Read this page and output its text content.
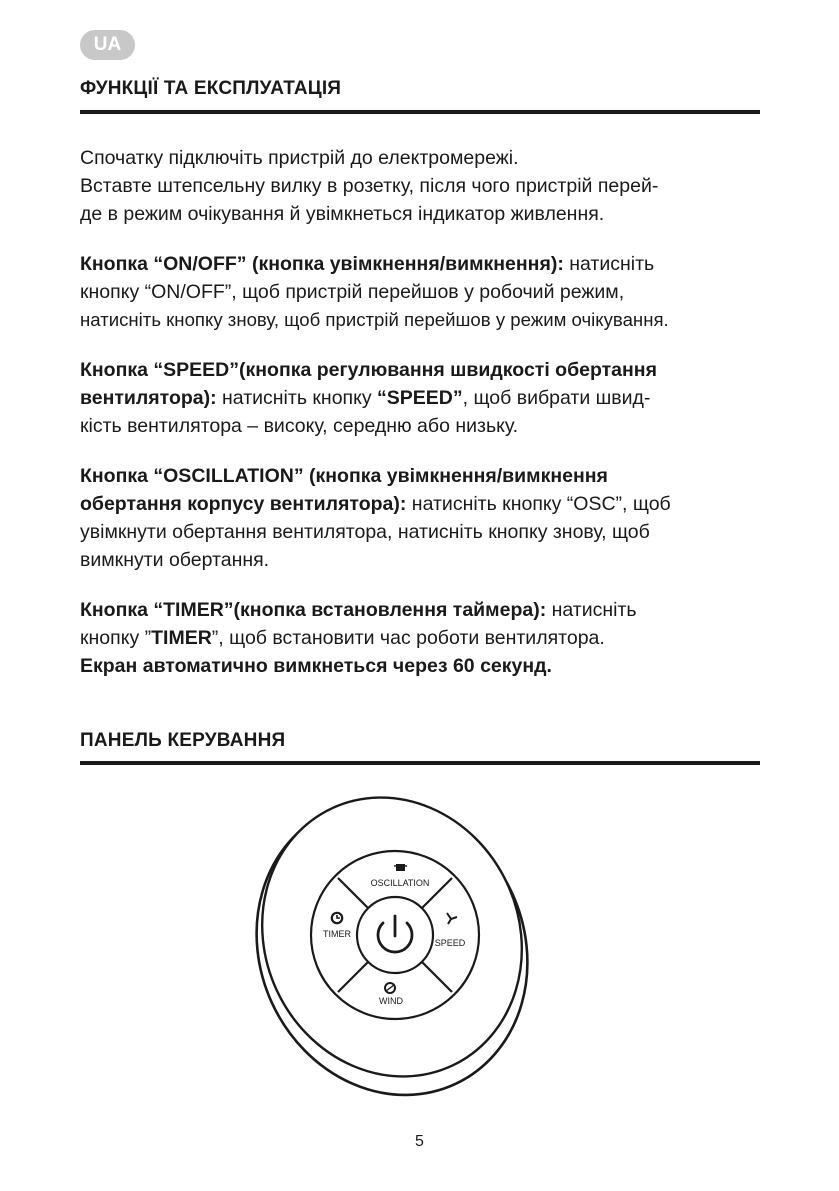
UA
ФУНКЦІЇ ТА ЕКСПЛУАТАЦІЯ

Спочатку підключіть пристрій до електромережі.
Вставте штепсельну вилку в розетку, після чого пристрій перей-
де в режим очікування й увімкнеться індикатор живлення.

Кнопка “ON/OFF” (кнопка увімкнення/вимкнення): натисніть
кнопку “ON/OFF”, щоб пристрій перейшов у робочий режим,
натисніть кнопку знову, щоб пристрій перейшов у режим очікування.

Кнопка “SPEED”(кнопка регулювання швидкості обертання
вентилятора): натисніть кнопку “SPEED”, щоб вибрати швид-
кість вентилятора – високу, середню або низьку.

Кнопка “OSCILLATION” (кнопка увімкнення/вимкнення
обертання корпусу вентилятора): натисніть кнопку “OSC”, щоб
увімкнути обертання вентилятора, натисніть кнопку знову, щоб
вимкнути обертання.

Кнопка “TIMER”(кнопка встановлення таймера): натисніть
кнопку ”TIMER”, щоб встановити час роботи вентилятора.
Екран автоматично вимкнеться через 60 секунд.

ПАНЕЛЬ КЕРУВАННЯ
OSCILLATION
TIMER
SPEED
WIND
5
